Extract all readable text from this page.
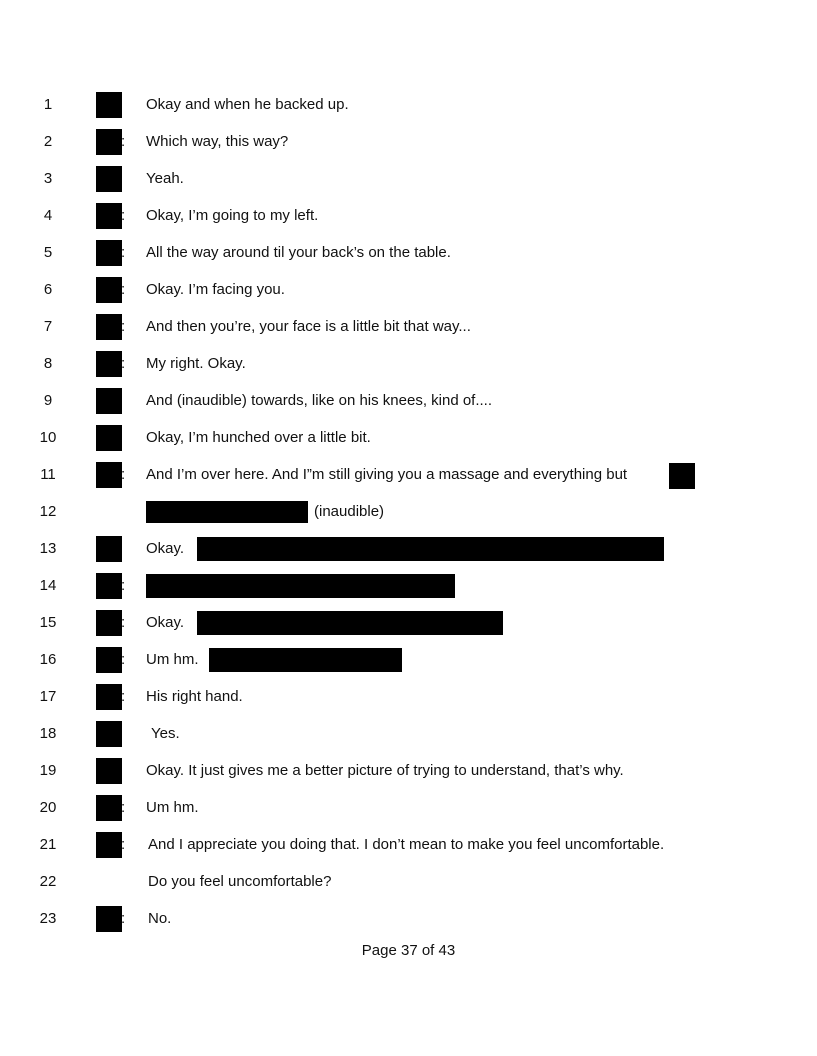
1	Okay and when he backed up.
2	: Which way, this way?
3	Yeah.
4	: Okay, I’m going to my left.
5	: All the way around til your back’s on the table.
6	: Okay. I’m facing you.
7	: And then you’re, your face is a little bit that way...
8	: My right. Okay.
9	And (inaudible) towards, like on his knees, kind of....
10	Okay, I’m hunched over a little bit.
11	: And I’m over here. And I”m still giving you a massage and everything but
12	(inaudible)
13	Okay.
14	:
15	: Okay.
16	: Um hm.
17	: His right hand.
18	Yes.
19	Okay. It just gives me a better picture of trying to understand, that’s why.
20	: Um hm.
21	: And I appreciate you doing that. I don’t mean to make you feel uncomfortable.
22	Do you feel uncomfortable?
23	: No.
Page 37 of 43
